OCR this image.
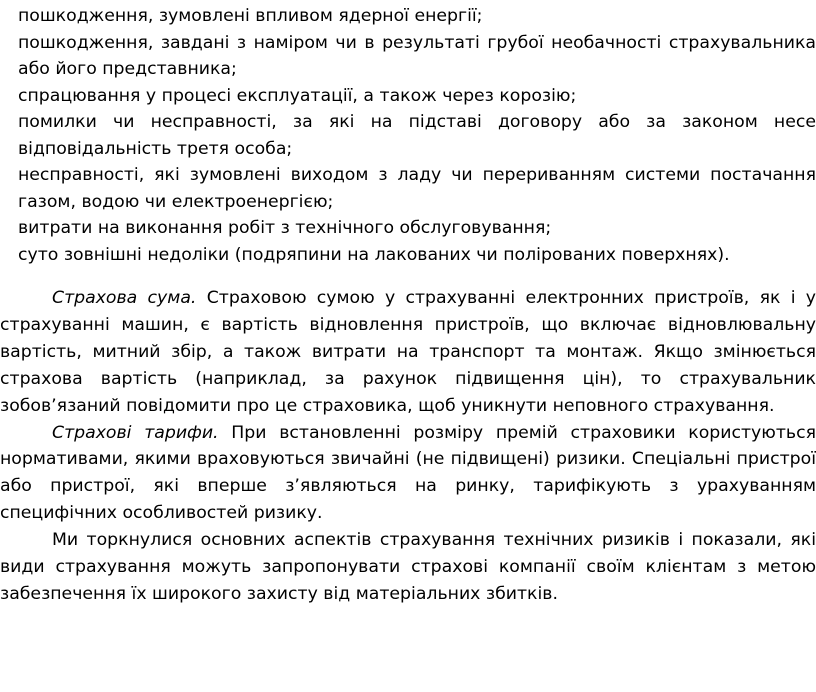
пошкодження, зумовлені впливом ядерної енергії;
пошкодження, завдані з наміром чи в результаті грубої необачності страхувальника або його представника;
спрацювання у процесі експлуатації, а також через корозію;
помилки чи несправності, за які на підставі договору або за законом несе відповідальність третя особа;
несправності, які зумовлені виходом з ладу чи перериванням системи постачання газом, водою чи електроенергією;
витрати на виконання робіт з технічного обслуговування;
суто зовнішні недоліки (подряпини на лакованих чи полірованих поверхнях).

Страхова сума. Страховою сумою у страхуванні електронних пристроїв, як і у страхуванні машин, є вартість відновлення пристроїв, що включає відновлювальну вартість, митний збір, а також витрати на транспорт та монтаж. Якщо змінюється страхова вартість (наприклад, за рахунок підвищення цін), то страхувальник зобов’язаний повідомити про це страховика, щоб уникнути неповного страхування.

Страхові тарифи. При встановленні розміру премій страховики користуються нормативами, якими враховуються звичайні (не підвищені) ризики. Спеціальні пристрої або пристрої, які вперше з’являються на ринку, тарифікують з урахуванням специфічних особливостей ризику.

Ми торкнулися основних аспектів страхування технічних ризиків і показали, які види страхування можуть запропонувати страхові компанії своїм клієнтам з метою забезпечення їх широкого захисту від матеріальних збитків.
